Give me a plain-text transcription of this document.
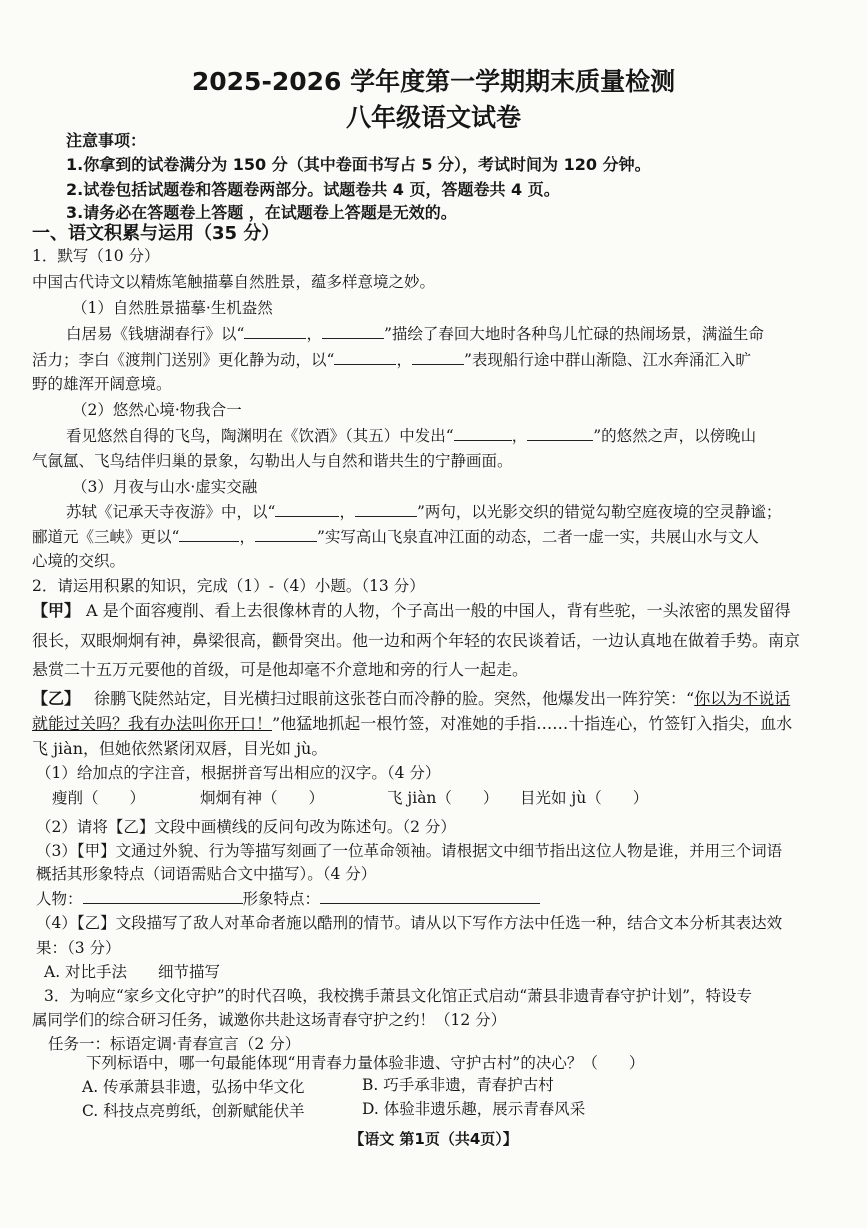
2025-2026 学年度第一学期期末质量检测
八年级语文试卷
注意事项：
1.你拿到的试卷满分为 150 分（其中卷面书写占 5 分），考试时间为 120 分钟。
2.试卷包括试题卷和答题卷两部分。试题卷共 4 页，答题卷共 4 页。
3.请务必在答题卷上答题 ，在试题卷上答题是无效的。
一、语文积累与运用（35 分）
1．默写（10 分）
中国古代诗文以精炼笔触描摹自然胜景，蕴多样意境之妙。
（1）自然胜景描摹·生机盎然
白居易《钱塘湖春行》以“	，	”描绘了春回大地时各种鸟儿忙碌的热闹场景，满溢生命
活力；李白《渡荆门送别》更化静为动，以“	，	”表现船行途中群山渐隐、江水奔涌汇入旷
野的雄浑开阔意境。
（2）悠然心境·物我合一
看见悠然自得的飞鸟，陶渊明在《饮酒》（其五）中发出“	，	”的悠然之声，以傍晚山
气氤氲、飞鸟结伴归巢的景象，勾勒出人与自然和谐共生的宁静画面。
（3）月夜与山水·虚实交融
苏轼《记承天寺夜游》中，以“	，	”两句，以光影交织的错觉勾勒空庭夜境的空灵静谧；
郦道元《三峡》更以“	，	”实写高山飞泉直冲江面的动态，二者一虚一实，共展山水与文人
心境的交织。
2．请运用积累的知识，完成（1）-（4）小题。（13 分）
【甲】 A 是个面容瘦削、看上去很像林青的人物，个子高出一般的中国人，背有些驼，一头浓密的黑发留得
很长，双眼炯炯有神，鼻梁很高，颧骨突出。他一边和两个年轻的农民谈着话，一边认真地在做着手势。南京
悬赏二十五万元要他的首级，可是他却毫不介意地和旁的行人一起走。
【乙】 徐鹏飞陡然站定，目光横扫过眼前这张苍白而冷静的脸。突然，他爆发出一阵狞笑：“你以为不说话
就能过关吗？我有办法叫你开口！”他猛地抓起一根竹签，对准她的手指……十指连心，竹签钉入指尖，血水
飞 jiàn，但她依然紧闭双唇，目光如 jù。
（1）给加点的字注音，根据拼音写出相应的汉字。（4 分）
瘦削（　　）	炯炯有神（　　）	飞 jiàn（　　） 目光如 jù（　　）
（2）请将【乙】文段中画横线的反问句改为陈述句。（2 分）
（3）【甲】文通过外貌、行为等描写刻画了一位革命领袖。请根据文中细节指出这位人物是谁，并用三个词语
概括其形象特点（词语需贴合文中描写）。（4 分）
人物：	形象特点：
（4）【乙】文段描写了敌人对革命者施以酷刑的情节。请从以下写作方法中任选一种，结合文本分析其表达效
果：（3 分）
A. 对比手法　　细节描写
3．为响应“家乡文化守护”的时代召唤，我校携手萧县文化馆正式启动“萧县非遗青春守护计划”，特设专
属同学们的综合研习任务，诚邀你共赴这场青春守护之约！（12 分）
任务一：标语定调·青春宣言（2 分）
下列标语中，哪一句最能体现“用青春力量体验非遗、守护古村”的决心？（　　）
A. 传承萧县非遗，弘扬中华文化	B. 巧手承非遗，青春护古村
C. 科技点亮剪纸，创新赋能伏羊	D. 体验非遗乐趣，展示青春风采
【语文 第1页（共4页）】
